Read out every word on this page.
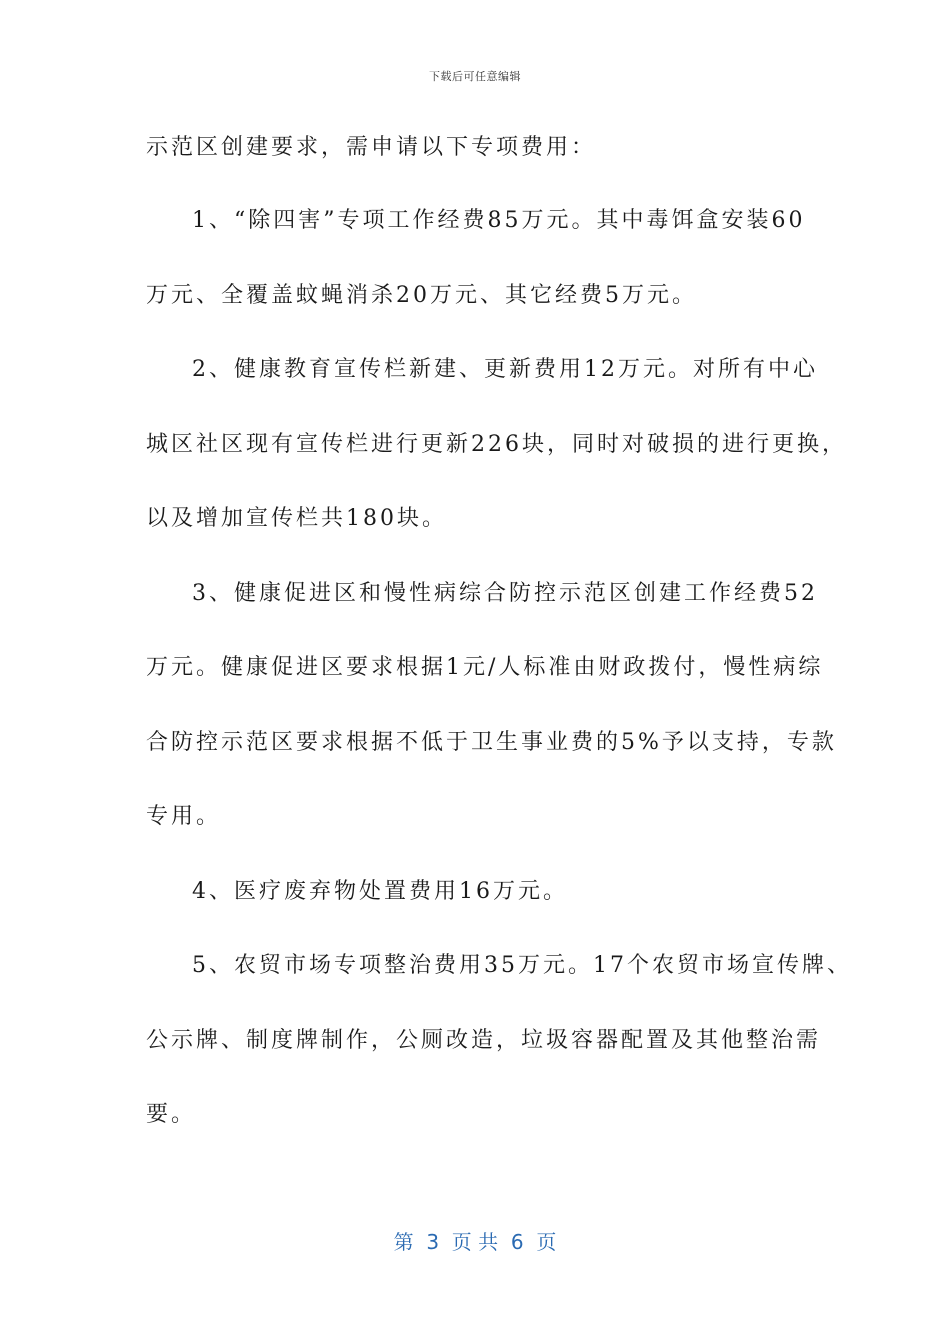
下载后可任意编辑
示范区创建要求，需申请以下专项费用：
1、“除四害”专项工作经费85万元。其中毒饵盒安装60
万元、全覆盖蚊蝇消杀20万元、其它经费5万元。
2、健康教育宣传栏新建、更新费用12万元。对所有中心
城区社区现有宣传栏进行更新226块，同时对破损的进行更换，
以及增加宣传栏共180块。
3、健康促进区和慢性病综合防控示范区创建工作经费52
万元。健康促进区要求根据1元/人标准由财政拨付，慢性病综
合防控示范区要求根据不低于卫生事业费的5%予以支持，专款
专用。
4、医疗废弃物处置费用16万元。
5、农贸市场专项整治费用35万元。17个农贸市场宣传牌、
公示牌、制度牌制作，公厕改造，垃圾容器配置及其他整治需
要。
第  3  页 共  6  页
